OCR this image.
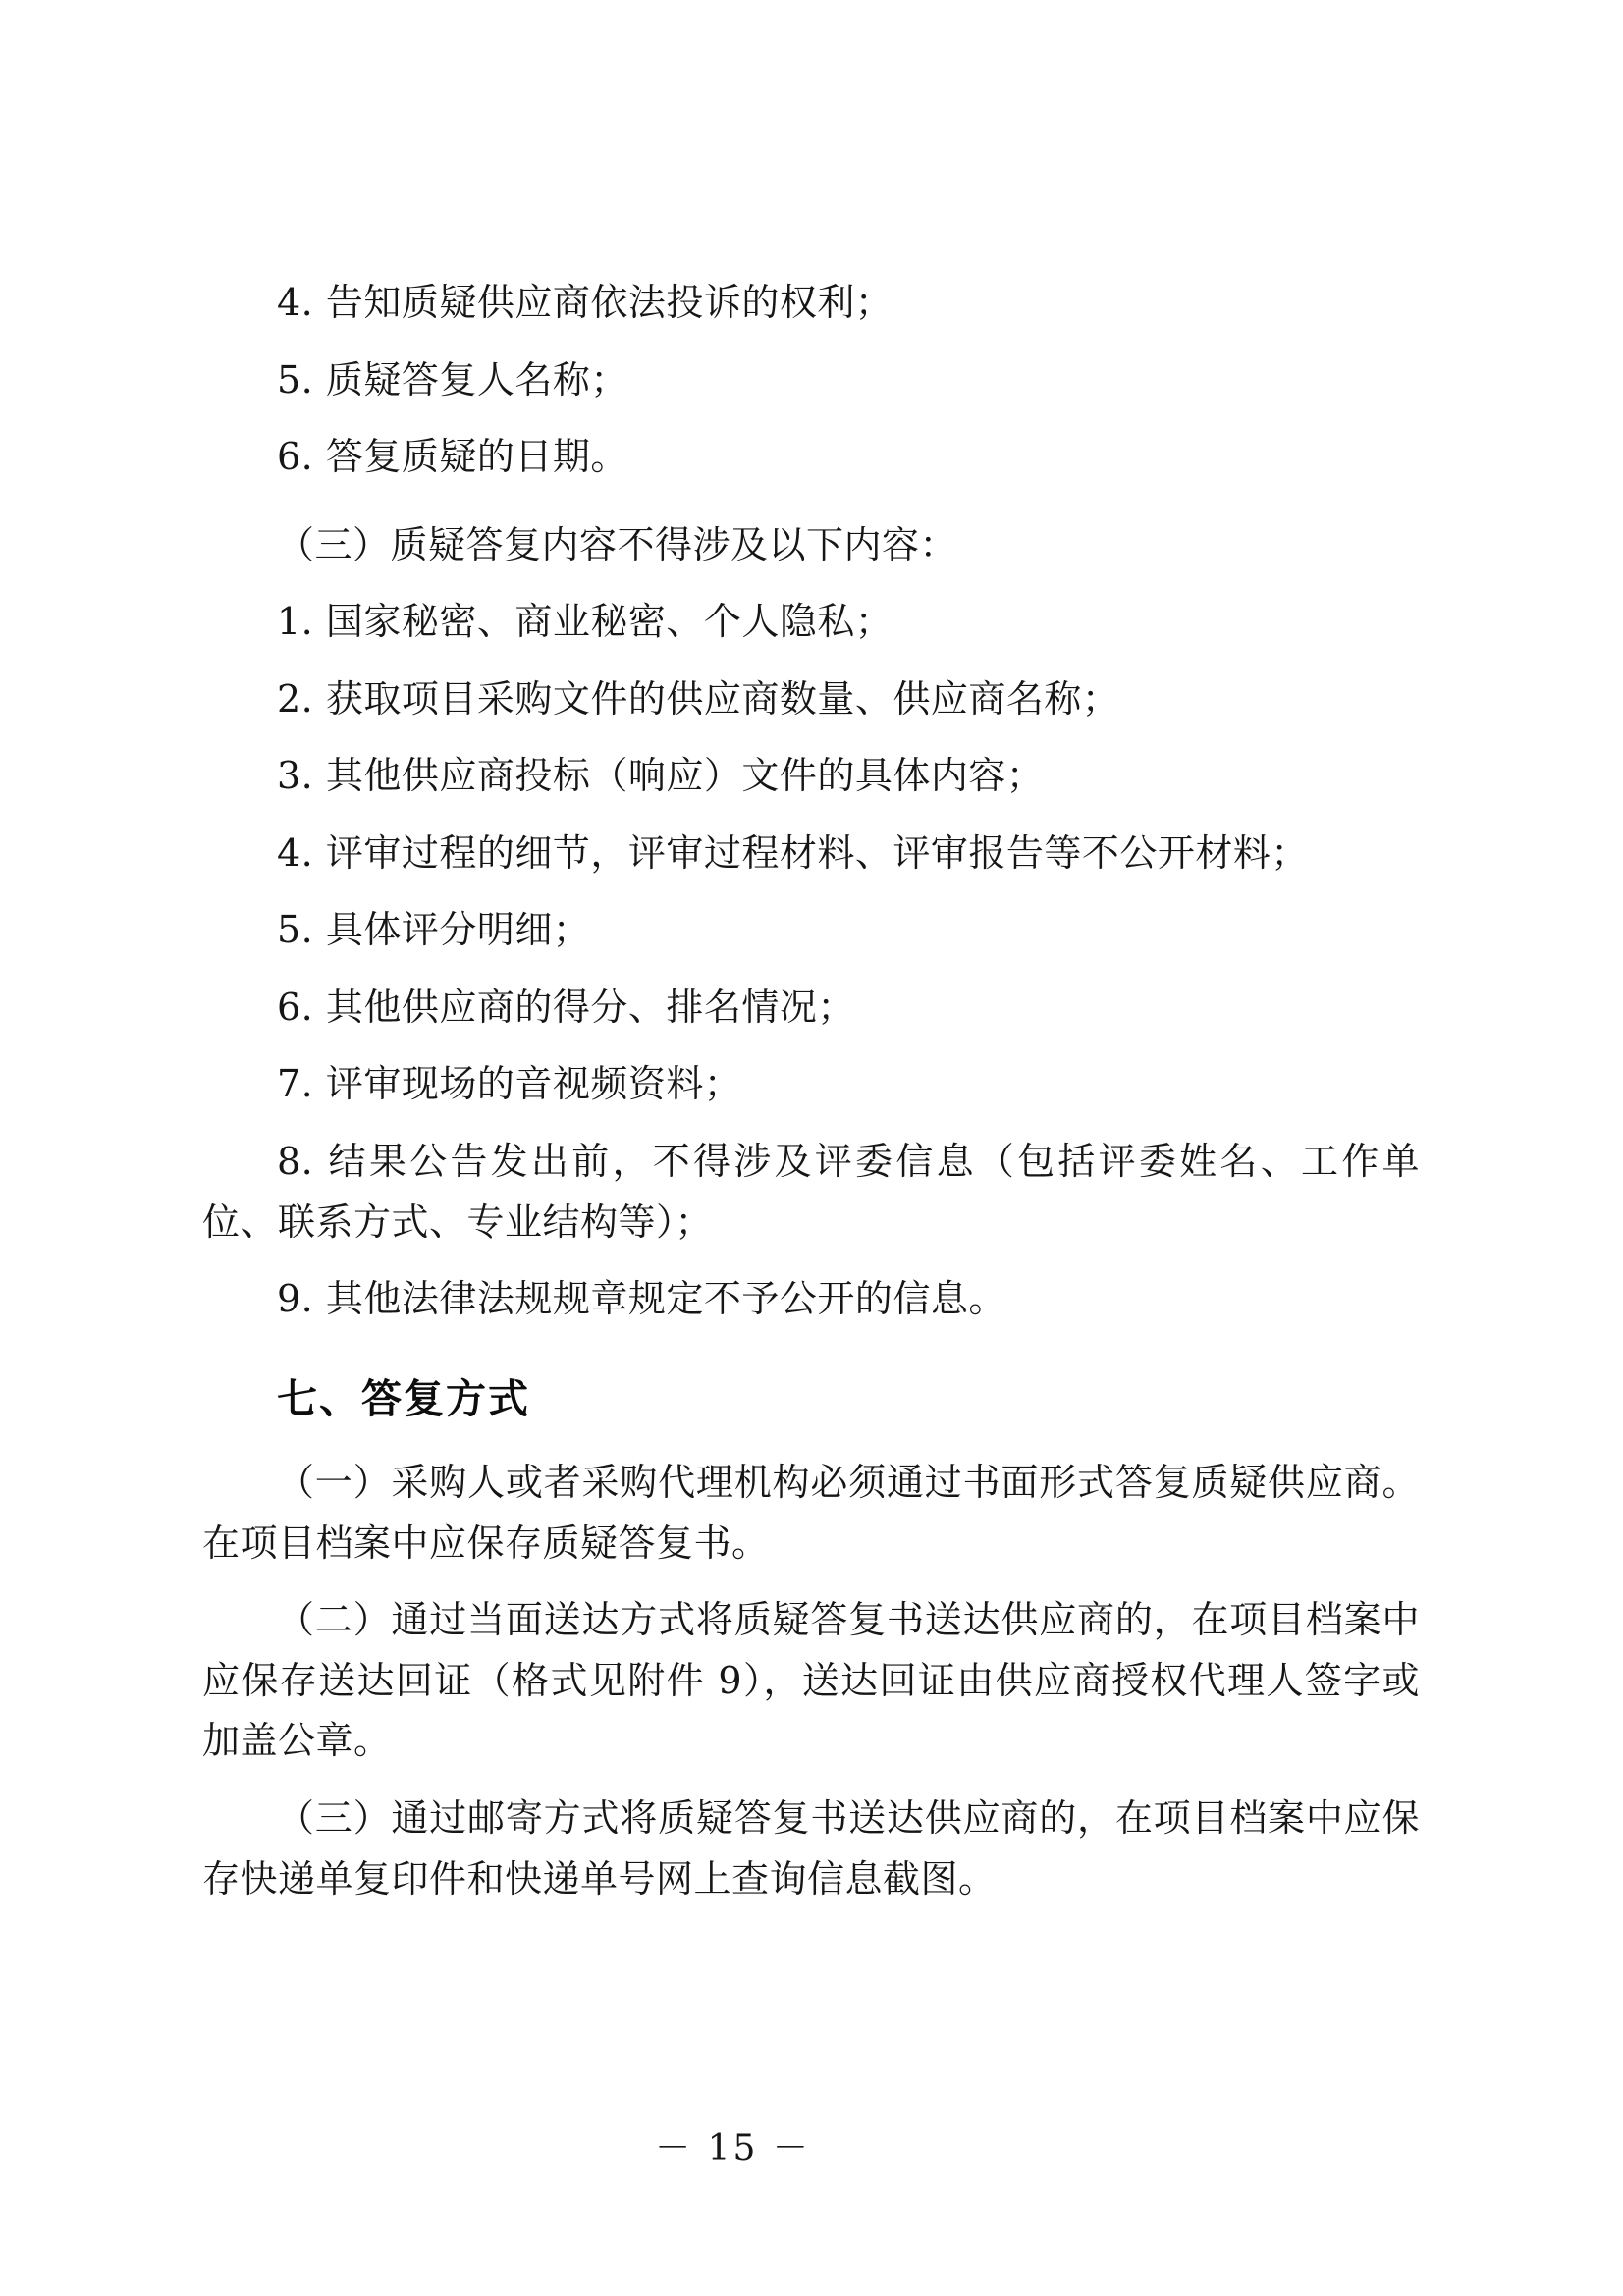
4. 告知质疑供应商依法投诉的权利；

5. 质疑答复人名称；

6. 答复质疑的日期。

（三）质疑答复内容不得涉及以下内容：

1. 国家秘密、商业秘密、个人隐私；

2. 获取项目采购文件的供应商数量、供应商名称；

3. 其他供应商投标（响应）文件的具体内容；

4. 评审过程的细节，评审过程材料、评审报告等不公开材料；

5. 具体评分明细；

6. 其他供应商的得分、排名情况；

7. 评审现场的音视频资料；

8. 结果公告发出前，不得涉及评委信息（包括评委姓名、工作单位、联系方式、专业结构等）；

9. 其他法律法规规章规定不予公开的信息。

七、答复方式

（一）采购人或者采购代理机构必须通过书面形式答复质疑供应商。在项目档案中应保存质疑答复书。

（二）通过当面送达方式将质疑答复书送达供应商的，在项目档案中应保存送达回证（格式见附件 9），送达回证由供应商授权代理人签字或加盖公章。

（三）通过邮寄方式将质疑答复书送达供应商的，在项目档案中应保存快递单复印件和快递单号网上查询信息截图。

－ 15 －
